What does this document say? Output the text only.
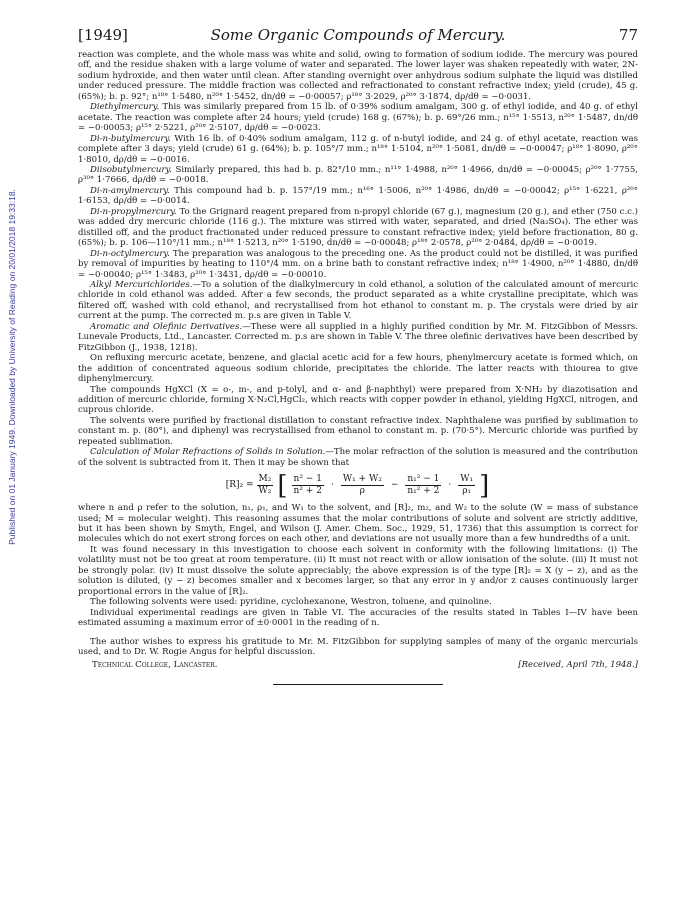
Published on 01 January 1949. Downloaded by University of Reading on 20/01/2018 19:33:18.
[1949]	Some Organic Compounds of Mercury.	77

reaction was complete, and the whole mass was white and solid, owing to formation of sodium iodide. The mercury was poured off, and the residue shaken with a large volume of water and separated. The lower layer was shaken repeatedly with water, 2N-sodium hydroxide, and then water until clean. After standing overnight over anhydrous sodium sulphate the liquid was distilled under reduced pressure. The middle fraction was collected and refractionated to constant refractive index; yield (crude), 45 g. (65%); b. p. 92°; n¹⁸° 1·5480, n²⁰° 1·5452, dn/dθ = −0·00057; ρ¹⁸° 3·2029, ρ²⁰° 3·1874, dρ/dθ = −0·0031.

Diethylmercury. This was similarly prepared from 15 lb. of 0·39% sodium amalgam, 300 g. of ethyl iodide, and 40 g. of ethyl acetate. The reaction was complete after 24 hours; yield (crude) 168 g. (67%); b. p. 69°/26 mm.; n¹⁵° 1·5513, n²⁰° 1·5487, dn/dθ = −0·00053; ρ¹⁵° 2·5221, ρ²⁰° 2·5107, dρ/dθ = −0·0023.

Di-n-butylmercury. With 16 lb. of 0·40% sodium amalgam, 112 g. of n-butyl iodide, and 24 g. of ethyl acetate, reaction was complete after 3 days; yield (crude) 61 g. (64%); b. p. 105°/7 mm.; n¹⁸° 1·5104, n²⁰° 1·5081, dn/dθ = −0·00047; ρ¹⁸° 1·8090, ρ²⁰° 1·8010, dρ/dθ = −0·0016.

Diisobutylmercury. Similarly prepared, this had b. p. 82°/10 mm.; n¹¹° 1·4988, n²⁰° 1·4966, dn/dθ = −0·00045; ρ²⁰° 1·7755, ρ³⁰° 1·7666, dρ/dθ = −0·0018.

Di-n-amylmercury. This compound had b. p. 157°/19 mm.; n¹⁶° 1·5006, n²⁰° 1·4986, dn/dθ = −0·00042; ρ¹⁵° 1·6221, ρ²⁰° 1·6153, dρ/dθ = −0·0014.

Di-n-propylmercury. To the Grignard reagent prepared from n-propyl chloride (67 g.), magnesium (20 g.), and ether (750 c.c.) was added dry mercuric chloride (116 g.). The mixture was stirred with water, separated, and dried (Na₂SO₄). The ether was distilled off, and the product fractionated under reduced pressure to constant refractive index; yield before fractionation, 80 g. (65%); b. p. 106—110°/11 mm.; n¹⁸° 1·5213, n²⁰° 1·5190, dn/dθ = −0·00048; ρ¹⁸° 2·0578, ρ²⁰° 2·0484, dρ/dθ = −0·0019.

Di-n-octylmercury. The preparation was analogous to the preceding one. As the product could not be distilled, it was purified by removal of impurities by heating to 110°/4 mm. on a brine bath to constant refractive index; n¹⁸° 1·4900, n²⁰° 1·4880, dn/dθ = −0·00040; ρ¹⁵° 1·3483, ρ²⁰° 1·3431, dρ/dθ = −0·00010.

Alkyl Mercurichlorides.—To a solution of the dialkylmercury in cold ethanol, a solution of the calculated amount of mercuric chloride in cold ethanol was added. After a few seconds, the product separated as a white crystalline precipitate, which was filtered off, washed with cold ethanol, and recrystallised from hot ethanol to constant m. p. The crystals were dried by air current at the pump. The corrected m. p.s are given in Table V.

Aromatic and Olefinic Derivatives.—These were all supplied in a highly purified condition by Mr. M. FitzGibbon of Messrs. Lunevale Products, Ltd., Lancaster. Corrected m. p.s are shown in Table V. The three olefinic derivatives have been described by FitzGibbon (J., 1938, 1218).

On refluxing mercuric acetate, benzene, and glacial acetic acid for a few hours, phenylmercury acetate is formed which, on the addition of concentrated aqueous sodium chloride, precipitates the chloride. The latter reacts with thiourea to give diphenylmercury.

The compounds HgXCl (X = o-, m-, and p-tolyl, and α- and β-naphthyl) were prepared from X·NH₂ by diazotisation and addition of mercuric chloride, forming X·N₂Cl,HgCl₂, which reacts with copper powder in ethanol, yielding HgXCl, nitrogen, and cuprous chloride.

The solvents were purified by fractional distillation to constant refractive index. Naphthalene was purified by sublimation to constant m. p. (80°), and diphenyl was recrystallised from ethanol to constant m. p. (70·5°). Mercuric chloride was purified by repeated sublimation.

Calculation of Molar Refractions of Solids in Solution.—The molar refraction of the solution is measured and the contribution of the solvent is subtracted from it. Then it may be shown that

$[R]_2 = \frac{\text{M₂}}{\text{W₂}}$ [ $\frac{\text{n² − 1}}{\text{n² + 2}} \cdot \frac{\text{W₁ + W₂}}{\rho} - \frac{\text{n₁² − 1}}{\text{n₁² + 2}} \cdot \frac{\text{W₁}}{\text{ρ₁}}$ ]

where n and ρ refer to the solution, n₁, ρ₁, and W₁ to the solvent, and [R]₂, m₂, and W₂ to the solute (W = mass of substance used; M = molecular weight). This reasoning assumes that the molar contributions of solute and solvent are strictly additive, but it has been shown by Smyth, Engel, and Wilson (J. Amer. Chem. Soc., 1929, 51, 1736) that this assumption is correct for molecules which do not exert strong forces on each other, and deviations are not usually more than a few hundredths of a unit.

It was found necessary in this investigation to choose each solvent in conformity with the following limitations: (i) The volatility must not be too great at room temperature. (ii) It must not react with or allow ionisation of the solute. (iii) It must not be strongly polar. (iv) It must dissolve the solute appreciably; the above expression is of the type [R]₂ = X (y − z), and as the solution is diluted, (y − z) becomes smaller and x becomes larger, so that any error in y and/or z causes continuously larger proportional errors in the value of [R]₂.

The following solvents were used: pyridine, cyclohexanone, Westron, toluene, and quinoline.

Individual experimental readings are given in Table VI. The accuracies of the results stated in Tables I—IV have been estimated assuming a maximum error of ±0·0001 in the reading of n.

The author wishes to express his gratitude to Mr. M. FitzGibbon for supplying samples of many of the organic mercurials used, and to Dr. W. Rogie Angus for helpful discussion.

Technical College, Lancaster.	[Received, April 7th, 1948.]
